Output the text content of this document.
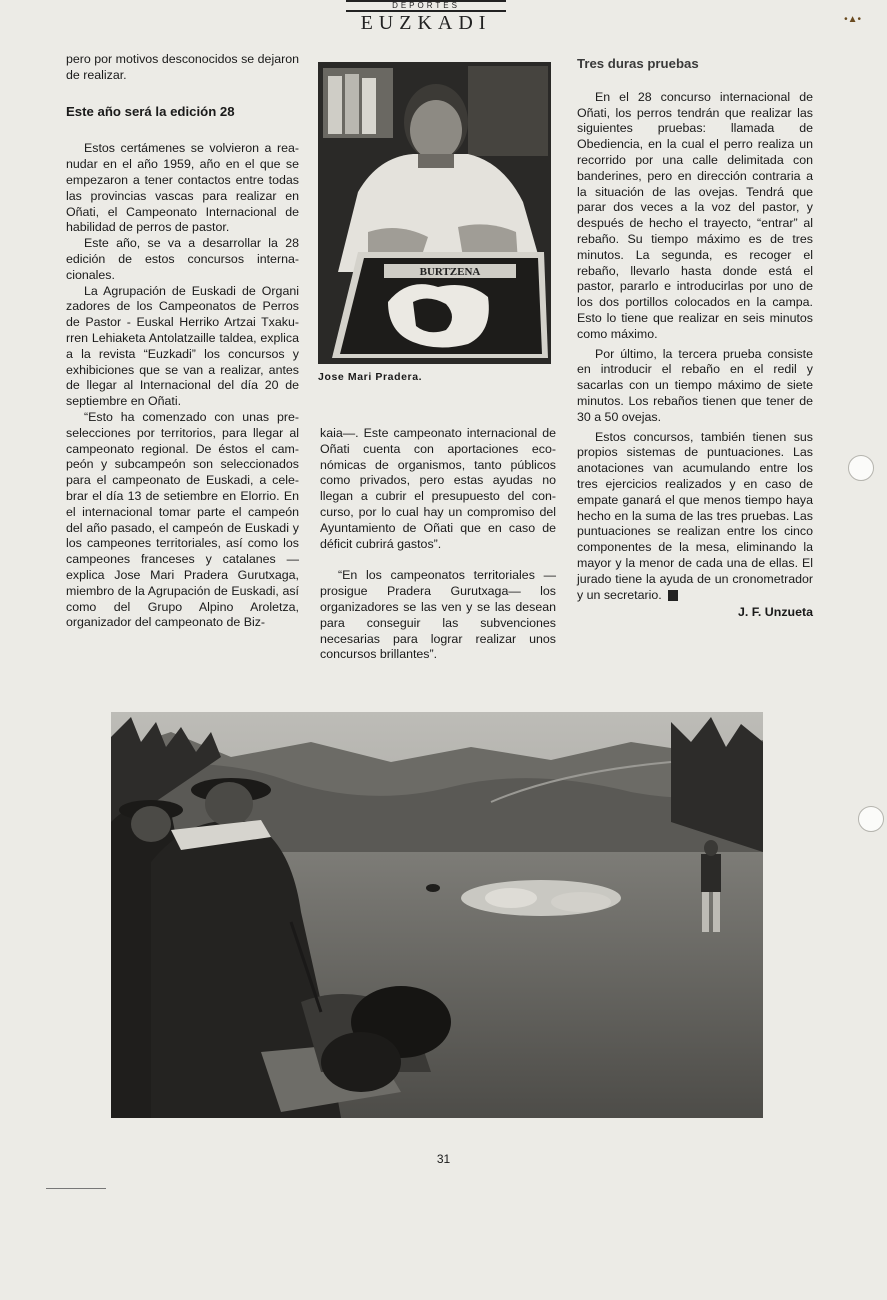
DEPORTES
EUZKADI	•▲•

pero por motivos desconocidos se dejaron de realizar.

Este año será la edición 28

Estos certámenes se volvieron a reanudar en el año 1959, año en el que se empezaron a tener contactos entre todas las provincias vascas para realizar en Oñati, el Campeonato Internacional de habilidad de perros de pastor.

Este año, se va a desarrollar la 28 edición de estos concursos internacionales.

La Agrupación de Euskadi de Organi zadores de los Campeonatos de Perros de Pastor - Euskal Herriko Artzai Txakurren Lehiaketa Antolatzaille taldea, explica a la revista “Euzkadi” los concursos y exhibiciones que se van a realizar, antes de llegar al Internacional del día 20 de septiembre en Oñati.

“Esto ha comenzado con unas preselecciones por territorios, para llegar al campeonato regional. De éstos el campeón y subcampeón son seleccionados para el campeonato de Euskadi, a celebrar el día 13 de setiembre en Elorrio. En el internacional tomar parte el campeón del año pasado, el campeón de Euskadi y los campeones territoriales, así como los campeones franceses y catalanes —explica Jose Mari Pradera Gurutxaga, miembro de la Agrupación de Euskadi, así como del Grupo Alpino Aroletza, organizador del campeonato de Biz-

BURTZENA
Jose Mari Pradera.

kaia—. Este campeonato internacional de Oñati cuenta con aportaciones económicas de organismos, tanto públicos como privados, pero estas ayudas no llegan a cubrir el presupuesto del concurso, por lo cual hay un compromiso del Ayuntamiento de Oñati que en caso de déficit cubrirá gastos”.

“En los campeonatos territoriales —prosigue Pradera Gurutxaga— los organizadores se las ven y se las desean para conseguir las subvenciones necesarias para lograr realizar unos concursos brillantes”.

Tres duras pruebas

En el 28 concurso internacional de Oñati, los perros tendrán que realizar las siguientes pruebas: llamada de Obediencia, en la cual el perro realiza un recorrido por una calle delimitada con banderines, pero en dirección contraria a la situación de las ovejas. Tendrá que parar dos veces a la voz del pastor, y después de hecho el trayecto, “entrar” al rebaño. Su tiempo máximo es de tres minutos. La segunda, es recoger el rebaño, llevarlo hasta donde está el pastor, pararlo e introducirlas por uno de los dos portillos colocados en la campa. Esto lo tiene que realizar en seis minutos como máximo.

Por último, la tercera prueba consiste en introducir el rebaño en el redil y sacarlas con un tiempo máximo de siete minutos. Los rebaños tienen que tener de 30 a 50 ovejas.

Estos concursos, también tienen sus propios sistemas de puntuaciones. Las anotaciones van acumulando entre los tres ejercicios realizados y en caso de empate ganará el que menos tiempo haya hecho en la suma de las tres pruebas. Las puntuaciones se realizan entre los cinco componentes de la mesa, eliminando la mayor y la menor de cada una de ellas. El jurado tiene la ayuda de un cronometrador y un secretario.	E

J. F. Unzueta
31
